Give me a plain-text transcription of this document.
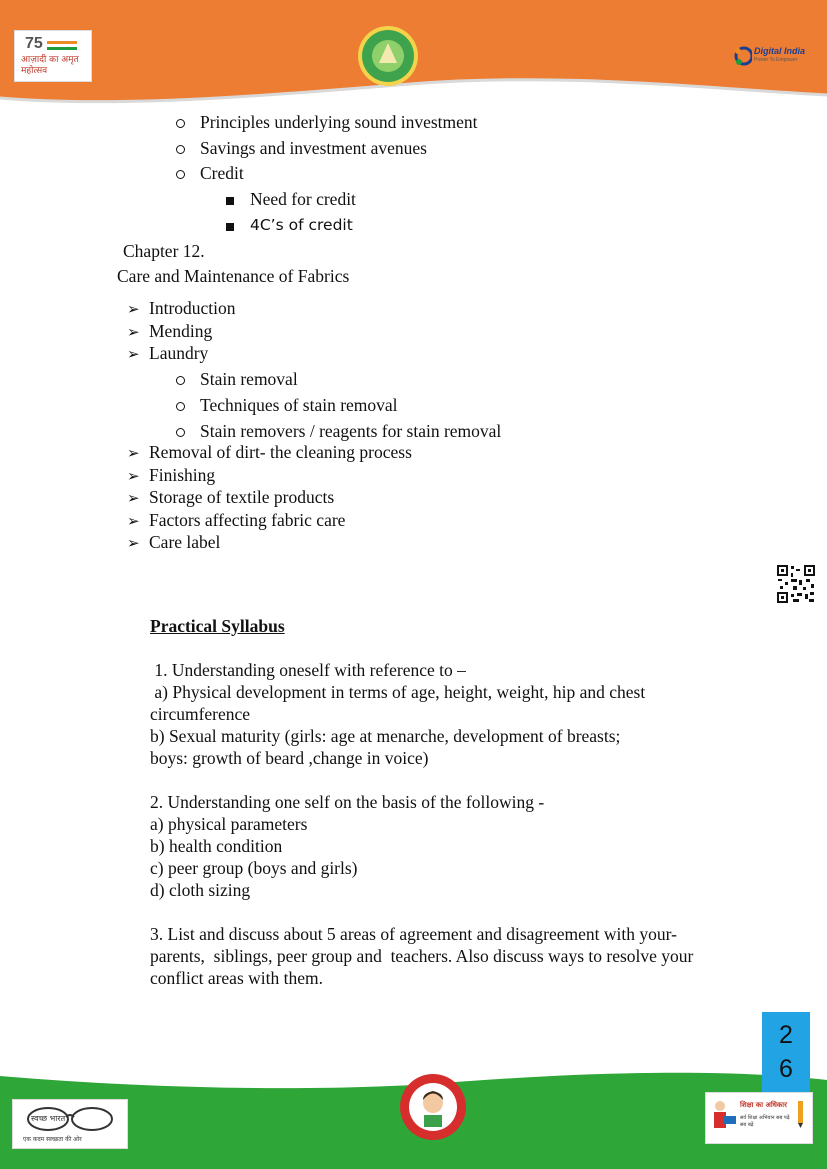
75
आज़ादी का अमृत महोत्सव
Digital India
Power To Empower
Principles underlying sound investment
Savings and investment avenues
Credit
Need for credit
4C’s of credit
Chapter 12.
Care and Maintenance of Fabrics
➢ Introduction
➢ Mending
➢ Laundry
Stain removal
Techniques of stain removal
Stain removers / reagents for stain removal
➢ Removal of dirt- the cleaning process
➢ Finishing
➢ Storage of textile products
➢ Factors affecting fabric care
➢ Care label
Practical Syllabus
1. Understanding oneself with reference to –
a) Physical development in terms of age, height, weight, hip and chest
circumference
b) Sexual maturity (girls: age at menarche, development of breasts;
boys: growth of beard ,change in voice)
2. Understanding one self on the basis of the following -
a) physical parameters
b) health condition
c) peer group (boys and girls)
d) cloth sizing
3. List and discuss about 5 areas of agreement and disagreement with your-
parents,  siblings, peer group and  teachers. Also discuss ways to resolve your
conflict areas with them.
2
6
स्वच्छ भारत
एक कदम स्वच्छता की ओर
शिक्षा का अधिकार
सर्व शिक्षा अभियान सब पढ़ें सब बढ़ें
